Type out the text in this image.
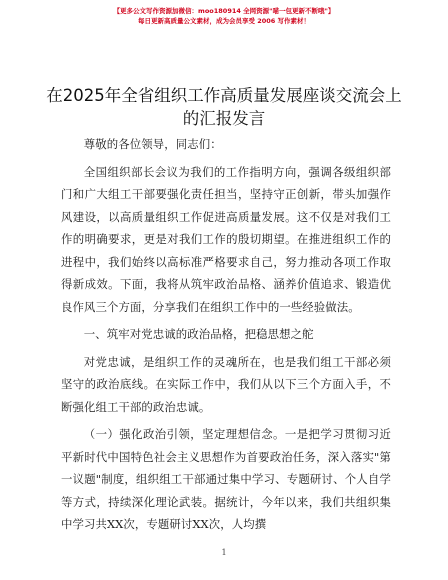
【更多公文写作资源加微信：moo180914 全网资源"喵一包更新不断哦"】
每日更新高质量公文素材，成为会员享受 2006 写作素材！
在2025年全省组织工作高质量发展座谈交流会上的汇报发言

尊敬的各位领导，同志们：

全国组织部长会议为我们的工作指明方向，强调各级组织部门和广大组工干部要强化责任担当，坚持守正创新，带头加强作风建设，以高质量组织工作促进高质量发展。这不仅是对我们工作的明确要求，更是对我们工作的殷切期望。在推进组织工作的进程中，我们始终以高标准严格要求自己，努力推动各项工作取得新成效。下面，我将从筑牢政治品格、涵养价值追求、锻造优良作风三个方面，分享我们在组织工作中的一些经验做法。

一、筑牢对党忠诚的政治品格，把稳思想之舵

对党忠诚，是组织工作的灵魂所在，也是我们组工干部必须坚守的政治底线。在实际工作中，我们从以下三个方面入手，不断强化组工干部的政治忠诚。

（一）强化政治引领，坚定理想信念。一是把学习贯彻习近平新时代中国特色社会主义思想作为首要政治任务，深入落实"第一议题"制度，组织组工干部通过集中学习、专题研讨、个人自学等方式，持续深化理论武装。据统计，今年以来，我们共组织集中学习共XX次，专题研讨XX次，人均撰

1
